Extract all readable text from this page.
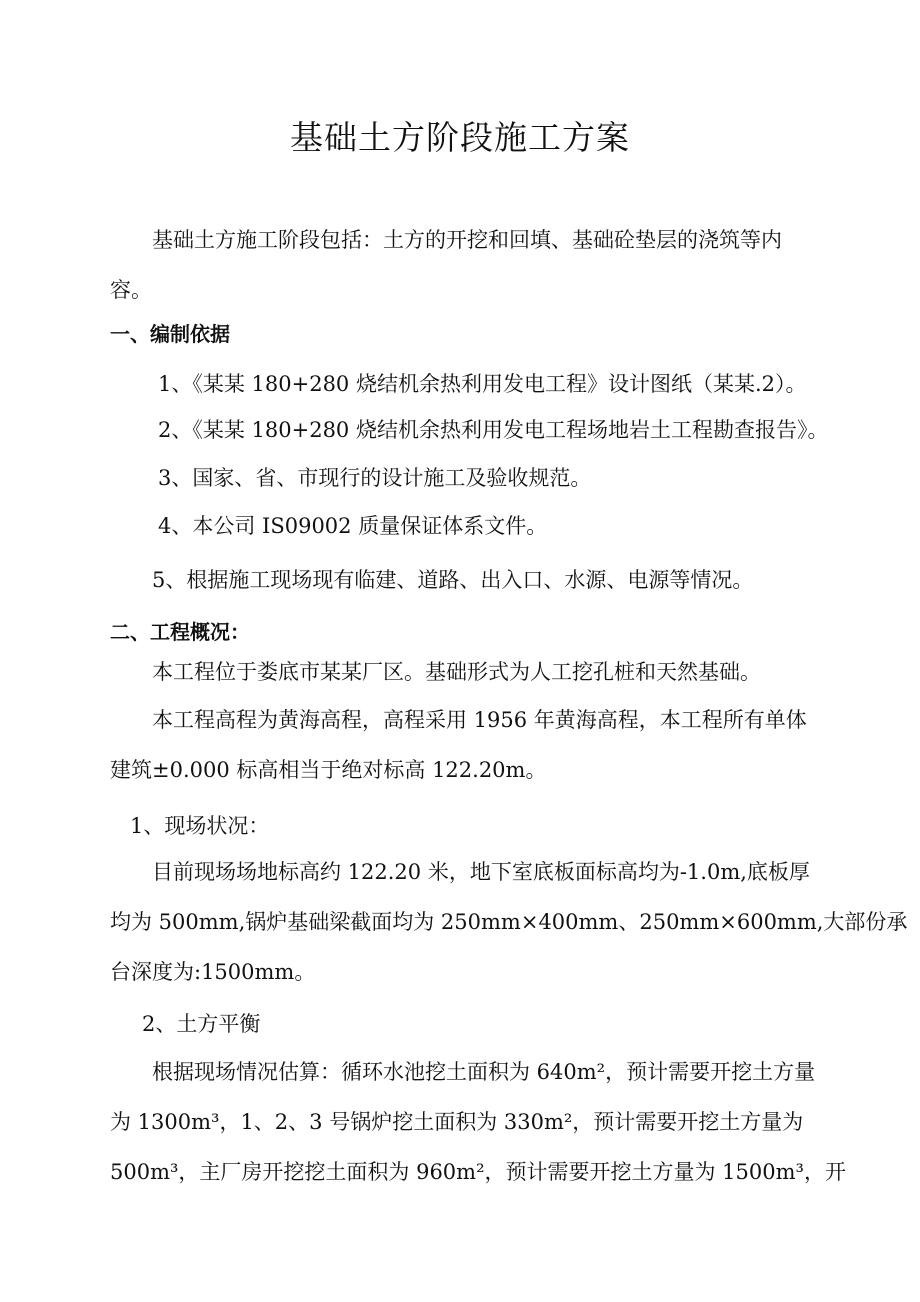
基础土方阶段施工方案

基础土方施工阶段包括：土方的开挖和回填、基础砼垫层的浇筑等内

容。

一、编制依据

1、《某某 180+280 烧结机余热利用发电工程》设计图纸（某某.2）。

2、《某某 180+280 烧结机余热利用发电工程场地岩土工程勘查报告》。

3、国家、省、市现行的设计施工及验收规范。

4、本公司 IS09002 质量保证体系文件。

5、根据施工现场现有临建、道路、出入口、水源、电源等情况。

二、工程概况：

本工程位于娄底市某某厂区。基础形式为人工挖孔桩和天然基础。

本工程高程为黄海高程，高程采用 1956 年黄海高程，本工程所有单体

建筑±0.000 标高相当于绝对标高 122.20m。

1、现场状况：

目前现场场地标高约 122.20 米，地下室底板面标高均为-1.0m,底板厚

均为 500mm,锅炉基础梁截面均为 250mm×400mm、250mm×600mm,大部份承

台深度为:1500mm。

2、土方平衡

根据现场情况估算：循环水池挖土面积为 640m²，预计需要开挖土方量

为 1300m³，1、2、3 号锅炉挖土面积为 330m²，预计需要开挖土方量为

500m³，主厂房开挖挖土面积为 960m²，预计需要开挖土方量为 1500m³，开
